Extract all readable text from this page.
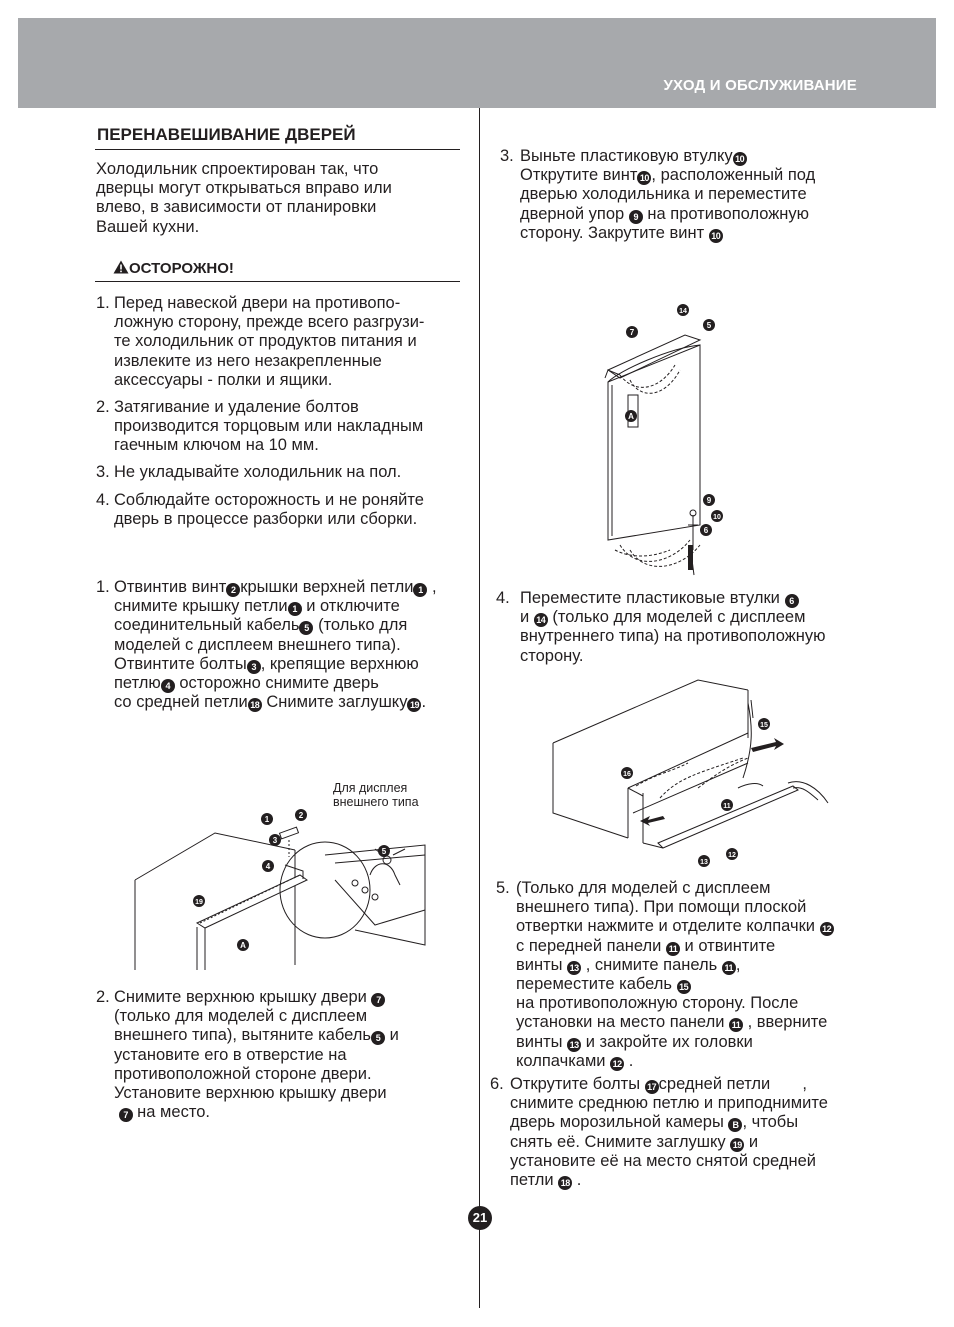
УХОД И ОБСЛУЖИВАНИЕ
ПЕРЕНАВЕШИВАНИЕ ДВЕРЕЙ
Холодильник спроектирован так, что
дверцы могут открываться вправо или
влево, в зависимости от планировки
Вашей кухни.
ОСТОРОЖНО!
1. Перед навеской двери на противопо-
ложную сторону, прежде всего разгрузи-
те холодильник от продуктов питания и
извлеките из него незакрепленные
аксессуары - полки и ящики.
2. Затягивание и удаление болтов
производится торцовым или накладным
гаечным ключом на 10 мм.
3. Не укладывайте холодильник на пол.
4. Соблюдайте осторожность и не роняйте
дверь в процессе разборки или сборки.
1. Отвинтив винт 2 крышки верхней петли 1 ,
снимите крышку петли 1 и отключите
соединительный кабель 5 (только для
моделей с дисплеем внешнего типа).
Отвинтите болты 3 , крепящие верхнюю
петлю 4 осторожно снимите дверь
со средней петли 18 Снимите заглушку 19 .
Для дисплея
внешнего типа
1	2
3
4
5
19
A
2. Снимите верхнюю крышку двери 7
(только для моделей с дисплеем
внешнего типа), вытяните кабель 5 и
установите его в отверстие на
противоположной стороне двери.
Установите верхнюю крышку двери
7 на место.
3. Выньте пластиковую втулку 10
Открутите винт 10 , расположенный под
дверью холодильника и переместите
дверной упор 9 на противоположную
сторону. Закрутите винт 10
14
7
5
A
9
10
6
4. Переместите пластиковые втулки 6
и 14 (только для моделей с дисплеем
внутреннего типа) на противоположную
сторону.
15
16
11
13
12
5. (Только для моделей с дисплеем
внешнего типа). При помощи плоской
отвертки нажмите и отделите колпачки 12
с передней панели 11 и отвинтите
винты 13 , снимите панель 11 ,
переместите кабель 15
на противоположную сторону. После
установки на место панели 11 , вверните
винты 13 и закройте их головки
колпачками 12 .
6. Открутите болты 17 средней петли ,
снимите среднюю петлю и приподнимите
дверь морозильной камеры B , чтобы
снять её. Снимите заглушку 19 и
установите её на место снятой средней
петли 18 .
21
